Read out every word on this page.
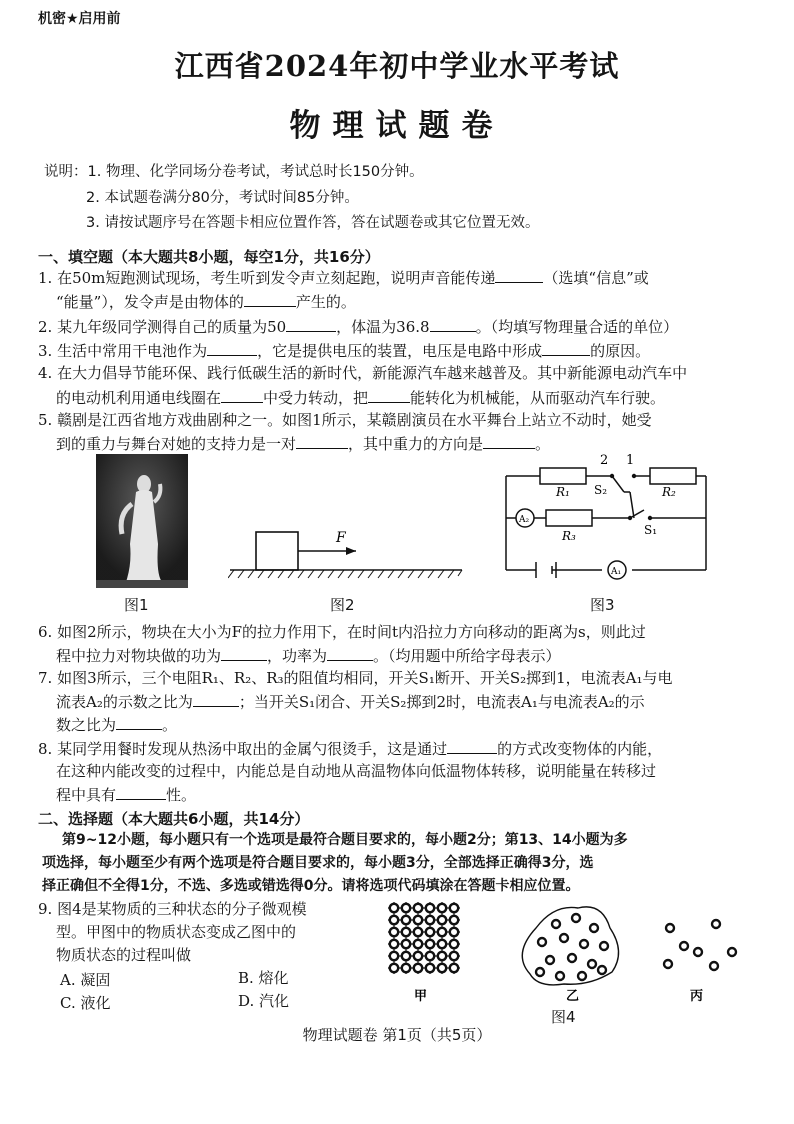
机密★启用前
江西省2024年初中学业水平考试
物理试题卷
说明：1. 物理、化学同场分卷考试，考试总时长150分钟。
2. 本试题卷满分80分，考试时间85分钟。
3. 请按试题序号在答题卡相应位置作答，答在试题卷或其它位置无效。
一、填空题（本大题共8小题，每空1分，共16分）
1. 在50m短跑测试现场，考生听到发令声立刻起跑，说明声音能传递	（选填“信息”或
“能量”），发令声是由物体的	产生的。
2. 某九年级同学测得自己的质量为50	，体温为36.8	。（均填写物理量合适的单位）
3. 生活中常用干电池作为	，它是提供电压的装置，电压是电路中形成	的原因。
4. 在大力倡导节能环保、践行低碳生活的新时代，新能源汽车越来越普及。其中新能源电动汽车中
的电动机利用通电线圈在	中受力转动，把	能转化为机械能，从而驱动汽车行驶。
5. 赣剧是江西省地方戏曲剧种之一。如图1所示，某赣剧演员在水平舞台上站立不动时，她受
到的重力与舞台对她的支持力是一对	，其中重力的方向是	。
图1
F
图2
R₁	R₂
R₃
S₂
S₁
2 1
A₂
A₁
图3
6. 如图2所示，物块在大小为F的拉力作用下，在时间t内沿拉力方向移动的距离为s，则此过
程中拉力对物块做的功为	，功率为	。（均用题中所给字母表示）
7. 如图3所示，三个电阻R₁、R₂、R₃的阻值均相同，开关S₁断开、开关S₂掷到1，电流表A₁与电
流表A₂的示数之比为	；当开关S₁闭合、开关S₂掷到2时，电流表A₁与电流表A₂的示
数之比为	。
8. 某同学用餐时发现从热汤中取出的金属勺很烫手，这是通过	的方式改变物体的内能，
在这种内能改变的过程中，内能总是自动地从高温物体向低温物体转移，说明能量在转移过
程中具有	性。
二、选择题（本大题共6小题，共14分）
第9~12小题，每小题只有一个选项是最符合题目要求的，每小题2分；第13、14小题为多
项选择，每小题至少有两个选项是符合题目要求的，每小题3分，全部选择正确得3分，选
择正确但不全得1分，不选、多选或错选得0分。请将选项代码填涂在答题卡相应位置。
9. 图4是某物质的三种状态的分子微观模
型。甲图中的物质状态变成乙图中的
物质状态的过程叫做
A. 凝固	B. 熔化
C. 液化	D. 汽化	甲	乙	丙
图4
物理试题卷 第1页（共5页）
